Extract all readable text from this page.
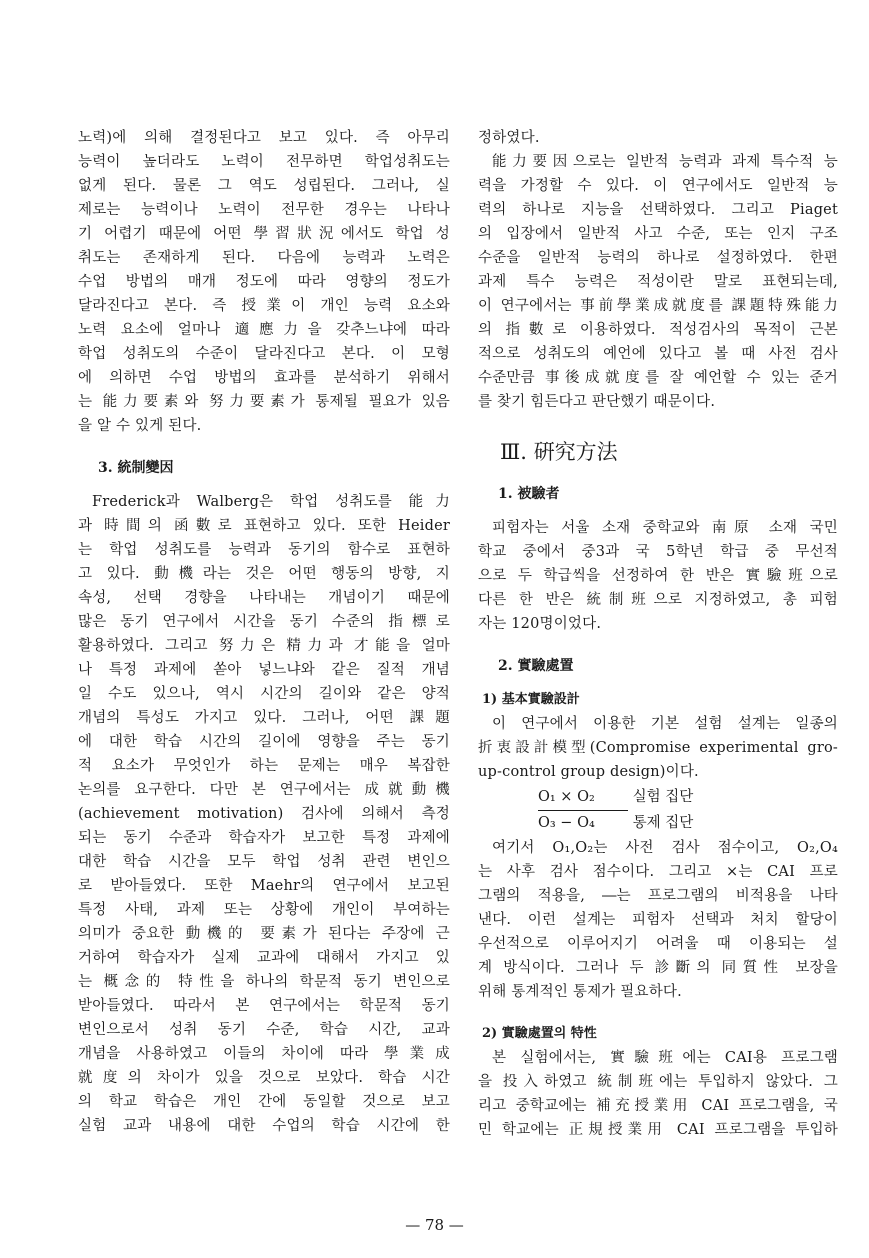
노력)에 의해 결정된다고 보고 있다. 즉 아무리
능력이 높더라도 노력이 전무하면 학업성취도는
없게 된다. 물론 그 역도 성립된다. 그러나, 실
제로는 능력이나 노력이 전무한 경우는 나타나
기 어렵기 때문에 어떤 學習狀況에서도 학업 성
취도는 존재하게 된다. 다음에 능력과 노력은
수업 방법의 매개 정도에 따라 영향의 정도가
달라진다고 본다. 즉 授業이 개인 능력 요소와
노력 요소에 얼마나 適應力을 갖추느냐에 따라
학업 성취도의 수준이 달라진다고 본다. 이 모형
에 의하면 수업 방법의 효과를 분석하기 위해서
는 能力要素와 努力要素가 통제될 필요가 있음
을 알 수 있게 된다.
3. 統制變因
Frederick과 Walberg은 학업 성취도를 能力
과 時間의 函數로 표현하고 있다. 또한 Heider
는 학업 성취도를 능력과 동기의 함수로 표현하
고 있다. 動機라는 것은 어떤 행동의 방향, 지
속성, 선택 경향을 나타내는 개념이기 때문에
많은 동기 연구에서 시간을 동기 수준의 指標로
활용하였다. 그리고 努力은 精力과 才能을 얼마
나 특정 과제에 쏟아 넣느냐와 같은 질적 개념
일 수도 있으나, 역시 시간의 길이와 같은 양적
개념의 특성도 가지고 있다. 그러나, 어떤 課題
에 대한 학습 시간의 길이에 영향을 주는 동기
적 요소가 무엇인가 하는 문제는 매우 복잡한
논의를 요구한다. 다만 본 연구에서는 成就動機
(achievement motivation) 검사에 의해서 측정
되는 동기 수준과 학습자가 보고한 특정 과제에
대한 학습 시간을 모두 학업 성취 관련 변인으
로 받아들였다. 또한 Maehr의 연구에서 보고된
특정 사태, 과제 또는 상황에 개인이 부여하는
의미가 중요한 動機的 要素가 된다는 주장에 근
거하여 학습자가 실제 교과에 대해서 가지고 있
는 概念的 特性을 하나의 학문적 동기 변인으로
받아들였다. 따라서 본 연구에서는 학문적 동기
변인으로서 성취 동기 수준, 학습 시간, 교과
개념을 사용하였고 이들의 차이에 따라 學業成
就度의 차이가 있을 것으로 보았다. 학습 시간
의 학교 학습은 개인 간에 동일할 것으로 보고
실험 교과 내용에 대한 수업의 학습 시간에 한
정하였다.
能力要因으로는 일반적 능력과 과제 특수적 능
력을 가정할 수 있다. 이 연구에서도 일반적 능
력의 하나로 지능을 선택하였다. 그리고 Piaget
의 입장에서 일반적 사고 수준, 또는 인지 구조
수준을 일반적 능력의 하나로 설정하였다. 한편
과제 특수 능력은 적성이란 말로 표현되는데,
이 연구에서는 事前學業成就度를 課題特殊能力
의 指數로 이용하였다. 적성검사의 목적이 근본
적으로 성취도의 예언에 있다고 볼 때 사전 검사
수준만큼 事後成就度를 잘 예언할 수 있는 준거
를 찾기 힘든다고 판단했기 때문이다.
Ⅲ. 硏究方法
1. 被驗者
피험자는 서울 소재 중학교와 南原 소재 국민
학교 중에서 중3과 국 5학년 학급 중 무선적
으로 두 학급씩을 선정하여 한 반은 實驗班으로
다른 한 반은 統制班으로 지정하였고, 총 피험
자는 120명이었다.
2. 實驗處置
1) 基本實驗設計
이 연구에서 이용한 기본 설험 설계는 일종의
折衷設計模型(Compromise experimental gro-
up-control group design)이다.
O₁ × O₂	실험 집단
O₃ − O₄	통제 집단
여기서 O₁,O₂는 사전 검사 점수이고, O₂,O₄
는 사후 검사 점수이다. 그리고 ×는 CAI 프로
그램의 적용을, ―는 프로그램의 비적용을 나타
낸다. 이런 설계는 피험자 선택과 처치 할당이
우선적으로 이루어지기 어려울 때 이용되는 설
계 방식이다. 그러나 두 診斷의 同質性 보장을
위해 통계적인 통제가 필요하다.
2) 實驗處置의 特性
본 실험에서는, 實驗班에는 CAI용 프로그램
을 投入하였고 統制班에는 투입하지 않았다. 그
리고 중학교에는 補充授業用 CAI 프로그램을, 국
민 학교에는 正規授業用 CAI 프로그램을 투입하
— 78 —
